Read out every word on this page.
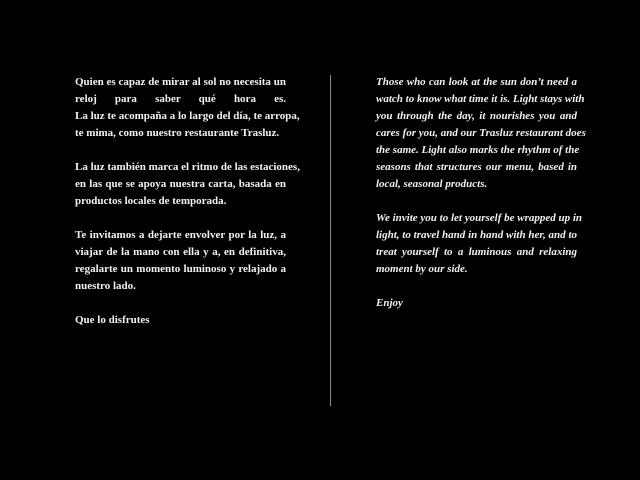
Quien es capaz de mirar al sol no necesita un
reloj para saber qué hora es.
La luz te acompaña a lo largo del día, te arropa,
te mima, como nuestro restaurante Trasluz.
La luz también marca el ritmo de las estaciones,
en las que se apoya nuestra carta, basada en
productos locales de temporada.
Te invitamos a dejarte envolver por la luz, a
viajar de la mano con ella y a, en definitiva,
regalarte un momento luminoso y relajado a
nuestro lado.
Que lo disfrutes
Those who can look at the sun don’t need a
watch to know what time it is. Light stays with
you through the day, it nourishes you and
cares for you, and our Trasluz restaurant does
the same. Light also marks the rhythm of the
seasons that structures our menu, based in
local, seasonal products.
We invite you to let yourself be wrapped up in
light, to travel hand in hand with her, and to
treat yourself to a luminous and relaxing
moment by our side.
Enjoy
